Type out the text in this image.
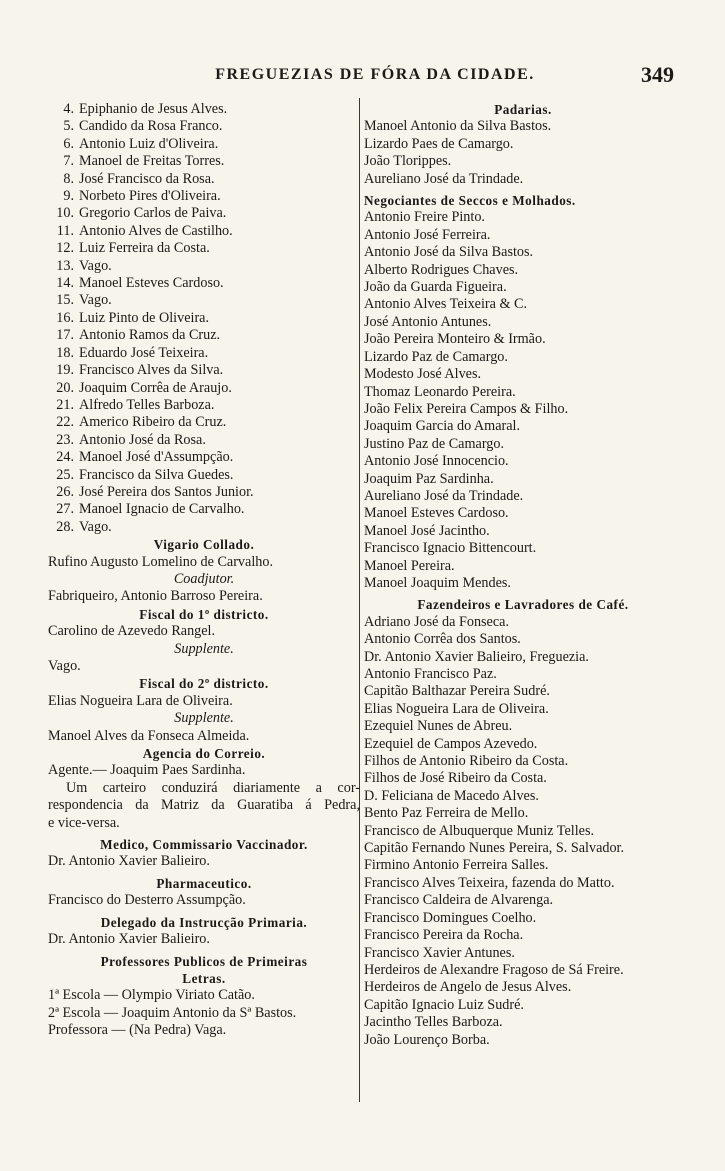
FREGUEZIAS DE FÓRA DA CIDADE.	349
4. Epiphanio de Jesus Alves.
5. Candido da Rosa Franco.
6. Antonio Luiz d'Oliveira.
7. Manoel de Freitas Torres.
8. José Francisco da Rosa.
9. Norbeto Pires d'Oliveira.
10. Gregorio Carlos de Paiva.
11. Antonio Alves de Castilho.
12. Luiz Ferreira da Costa.
13. Vago.
14. Manoel Esteves Cardoso.
15. Vago.
16. Luiz Pinto de Oliveira.
17. Antonio Ramos da Cruz.
18. Eduardo José Teixeira.
19. Francisco Alves da Silva.
20. Joaquim Corrêa de Araujo.
21. Alfredo Telles Barboza.
22. Americo Ribeiro da Cruz.
23. Antonio José da Rosa.
24. Manoel José d'Assumpção.
25. Francisco da Silva Guedes.
26. José Pereira dos Santos Junior.
27. Manoel Ignacio de Carvalho.
28. Vago.
Vigario Collado.
Rufino Augusto Lomelino de Carvalho.
Coadjutor.
Fabriqueiro, Antonio Barroso Pereira.
Fiscal do 1º districto.
Carolino de Azevedo Rangel.
Supplente.
Vago.
Fiscal do 2º districto.
Elias Nogueira Lara de Oliveira.
Supplente.
Manoel Alves da Fonseca Almeida.
Agencia do Correio.
Agente.— Joaquim Paes Sardinha.
Um carteiro conduzirá diariamente a cor-
respondencia da Matriz da Guaratiba á Pedra,
e vice-versa.
Medico, Commissario Vaccinador.
Dr. Antonio Xavier Balieiro.
Pharmaceutico.
Francisco do Desterro Assumpção.
Delegado da Instrucção Primaria.
Dr. Antonio Xavier Balieiro.
Professores Publicos de Primeiras
Letras.
1ª Escola — Olympio Viriato Catão.
2ª Escola — Joaquim Antonio da Sª Bastos.
Professora — (Na Pedra) Vaga.
Padarias.
Manoel Antonio da Silva Bastos.
Lizardo Paes de Camargo.
João Tlorippes.
Aureliano José da Trindade.
Negociantes de Seccos e Molhados.
Antonio Freire Pinto.
Antonio José Ferreira.
Antonio José da Silva Bastos.
Alberto Rodrigues Chaves.
João da Guarda Figueira.
Antonio Alves Teixeira & C.
José Antonio Antunes.
João Pereira Monteiro & Irmão.
Lizardo Paz de Camargo.
Modesto José Alves.
Thomaz Leonardo Pereira.
João Felix Pereira Campos & Filho.
Joaquim Garcia do Amaral.
Justino Paz de Camargo.
Antonio José Innocencio.
Joaquim Paz Sardinha.
Aureliano José da Trindade.
Manoel Esteves Cardoso.
Manoel José Jacintho.
Francisco Ignacio Bittencourt.
Manoel Pereira.
Manoel Joaquim Mendes.
Fazendeiros e Lavradores de Café.
Adriano José da Fonseca.
Antonio Corrêa dos Santos.
Dr. Antonio Xavier Balieiro, Freguezia.
Antonio Francisco Paz.
Capitão Balthazar Pereira Sudré.
Elias Nogueira Lara de Oliveira.
Ezequiel Nunes de Abreu.
Ezequiel de Campos Azevedo.
Filhos de Antonio Ribeiro da Costa.
Filhos de José Ribeiro da Costa.
D. Feliciana de Macedo Alves.
Bento Paz Ferreira de Mello.
Francisco de Albuquerque Muniz Telles.
Capitão Fernando Nunes Pereira, S. Salvador.
Firmino Antonio Ferreira Salles.
Francisco Alves Teixeira, fazenda do Matto.
Francisco Caldeira de Alvarenga.
Francisco Domingues Coelho.
Francisco Pereira da Rocha.
Francisco Xavier Antunes.
Herdeiros de Alexandre Fragoso de Sá Freire.
Herdeiros de Angelo de Jesus Alves.
Capitão Ignacio Luiz Sudré.
Jacintho Telles Barboza.
João Lourenço Borba.
